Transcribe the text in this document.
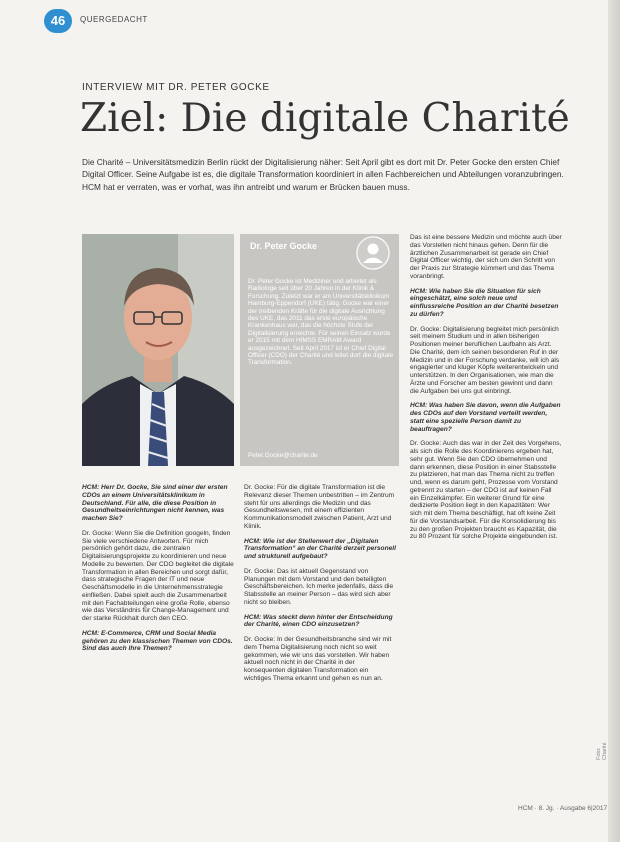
46	QUERGEDACHT
INTERVIEW MIT DR. PETER GOCKE
Ziel: Die digitale Charité
Die Charité – Universitätsmedizin Berlin rückt der Digitalisierung näher: Seit April gibt es dort mit Dr. Peter Gocke den ersten Chief Digital Officer. Seine Aufgabe ist es, die digitale Transformation koordiniert in allen Fachbereichen und Abteilungen voranzubringen. HCM hat er verraten, was er vorhat, was ihn antreibt und warum er Brücken bauen muss.
Dr. Peter Gocke
Dr. Peter Gocke ist Mediziner und arbeitet als Radiologe seit über 20 Jahren in der Klinik & Forschung. Zuletzt war er am Universitätsklinikum Hamburg-Eppendorf (UKE) tätig. Gocke war einer der treibenden Kräfte für die digitale Ausrichtung des UKE, das 2011 das erste europäische Krankenhaus war, das die höchste Stufe der Digitalisierung erreichte. Für seinen Einsatz wurde er 2015 mit dem HIMSS EMRAM Award ausgezeichnet. Seit April 2017 ist er Chief Digital Officer (CDO) der Charité und leitet dort die digitale Transformation.
Peter.Gocke@charite.de

HCM: Herr Dr. Gocke, Sie sind einer der ersten CDOs an einem Universitätsklinikum in Deutschland. Für alle, die diese Position in Gesundheitseinrichtungen nicht kennen, was machen Sie?

Dr. Gocke: Wenn Sie die Definition googeln, finden Sie viele verschiedene Antworten. Für mich persönlich gehört dazu, die zentralen Digitalisierungsprojekte zu koordinieren und neue Modelle zu bewerten. Der CDO begleitet die digitale Transformation in allen Bereichen und sorgt dafür, dass strategische Fragen der IT und neue Geschäftsmodelle in die Unternehmensstrategie einfließen. Dabei spielt auch die Zusammenarbeit mit den Fachabteilungen eine große Rolle, ebenso wie das Verständnis für Change-Management und der starke Rückhalt durch den CEO.

HCM: E-Commerce, CRM und Social Media gehören zu den klassischen Themen von CDOs. Sind das auch Ihre Themen?

Dr. Gocke: Für die digitale Transformation ist die Relevanz dieser Themen unbestritten – im Zentrum steht für uns allerdings die Medizin und das Gesundheitswesen, mit einem effizienten Kommunikationsmodell zwischen Patient, Arzt und Klinik.

HCM: Wie ist der Stellenwert der „Digitalen Transformation“ an der Charité derzeit personell und strukturell aufgebaut?

Dr. Gocke: Das ist aktuell Gegenstand von Planungen mit dem Vorstand und den beteiligten Geschäftsbereichen. Ich merke jedenfalls, dass die Stabsstelle an meiner Person – das wird sich aber nicht so bleiben.

HCM: Was steckt denn hinter der Entscheidung der Charité, einen CDO einzusetzen?

Dr. Gocke: In der Gesundheitsbranche sind wir mit dem Thema Digitalisierung noch nicht so weit gekommen, wie wir uns das vorstellen. Wir haben aktuell noch nicht in der Charité in der konsequenten digitalen Transformation ein wichtiges Thema erkannt und gehen es nun an.

Das ist eine bessere Medizin und möchte auch über das Vorstellen nicht hinaus gehen. Denn für die ärztlichen Zusammenarbeit ist gerade ein Chief Digital Officer wichtig, der sich um den Schritt von der Praxis zur Strategie kümmert und das Thema voranbringt.

HCM: Wie haben Sie die Situation für sich eingeschätzt, eine solch neue und einflussreiche Position an der Charité besetzen zu dürfen?

Dr. Gocke: Digitalisierung begleitet mich persönlich seit meinem Studium und in allen bisherigen Positionen meiner beruflichen Laufbahn als Arzt. Die Charité, dem ich seinen besonderen Ruf in der Medizin und in der Forschung verdanke, will ich als engagierter und kluger Köpfe weiterentwickeln und unterstützen. In den Organisationen, wie man die Ärzte und Forscher am besten gewinnt und dann die Aufgaben bei uns gut einbringt.

HCM: Was haben Sie davon, wenn die Aufgaben des CDOs auf den Vorstand verteilt werden, statt eine spezielle Person damit zu beauftragen?

Dr. Gocke: Auch das war in der Zeit des Vorgehens, als sich die Rolle des Koordinierens ergeben hat, sehr gut. Wenn Sie den CDO übernehmen und dann erkennen, diese Position in einer Stabsstelle zu platzieren, hat man das Thema nicht zu treffen und, wenn es darum geht, Prozesse vom Vorstand getrennt zu starten – der CDO ist auf keinen Fall ein Einzelkämpfer. Ein weiterer Grund für eine dedizierte Position liegt in den Kapazitäten: Wer sich mit dem Thema beschäftigt, hat oft keine Zeit für die Vorstandsarbeit. Für die Konsolidierung bis zu den großen Projekten braucht es Kapazität, die zu 80 Prozent für solche Projekte eingebunden ist.

HCM · 8. Jg. · Ausgabe 6|2017
Foto: Charité
